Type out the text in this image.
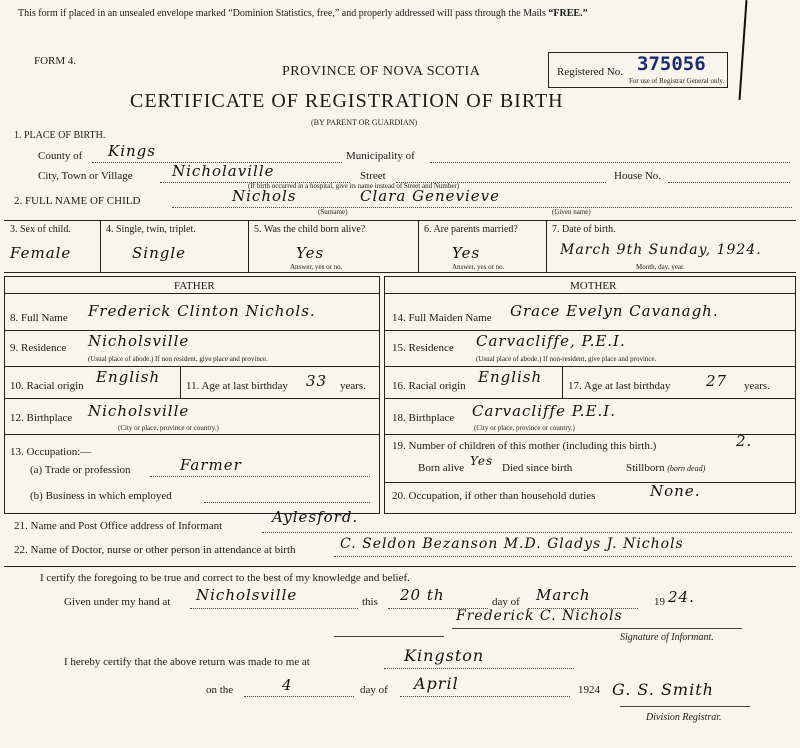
This form if placed in an unsealed envelope marked “Dominion Statistics, free,” and properly addressed will pass through the Mails “FREE.”
FORM 4.
PROVINCE OF NOVA SCOTIA
CERTIFICATE OF REGISTRATION OF BIRTH
(BY PARENT OR GUARDIAN)
Registered No. 375056
For use of Registrar General only.
1. PLACE OF BIRTH.
County of Kings	Municipality of
City, Town or Village	Nicholaville	Street	House No.
(If birth occurred in a hospital, give its name instead of Street and Number)
2. FULL NAME OF CHILD	Nichols	Clara Genevieve
(Surname)	(Given name)
3. Sex of child.
Female
4. Single, twin, triplet.
Single
5. Was the child born alive?
Yes
Answer, yes or no.
6. Are parents married?
Yes
Answer, yes or no.
7. Date of birth.
March 9th Sunday, 1924.
Month, day, year.
FATHER	MOTHER
8. Full Name Frederick Clinton Nichols.
9. Residence Nicholsville
(Usual place of abode.) If non resident, give place and province.
10. Racial origin English 11. Age at last birthday 33 years.
12. Birthplace Nicholsville
(City or place, province or country.)
13. Occupation:—
(a) Trade or profession	Farmer
(b) Business in which employed
14. Full Maiden Name Grace Evelyn Cavanagh.
15. Residence Carvacliffe, P.E.I.
(Usual place of abode.) If non-resident, give place and province.
16. Racial origin English 17. Age at last birthday 27 years.
18. Birthplace Carvacliffe P.E.I.
(City or place, province or country.)
19. Number of children of this mother (including this birth.)	2.
Born alive Yes Died since birth	Stillborn (born dead)
20. Occupation, if other than household duties	None.
21. Name and Post Office address of Informant	Aylesford.
22. Name of Doctor, nurse or other person in attendance at birth	C. Seldon Bezanson M.D. Gladys J. Nichols
I certify the foregoing to be true and correct to the best of my knowledge and belief.
Given under my hand at Nicholsville	this 20 th	day of March	19 24.
Frederick C. Nichols
Signature of Informant.
I hereby certify that the above return was made to me at	Kingston
on the	4	day of April	1924 G. S. Smith
Division Registrar.
